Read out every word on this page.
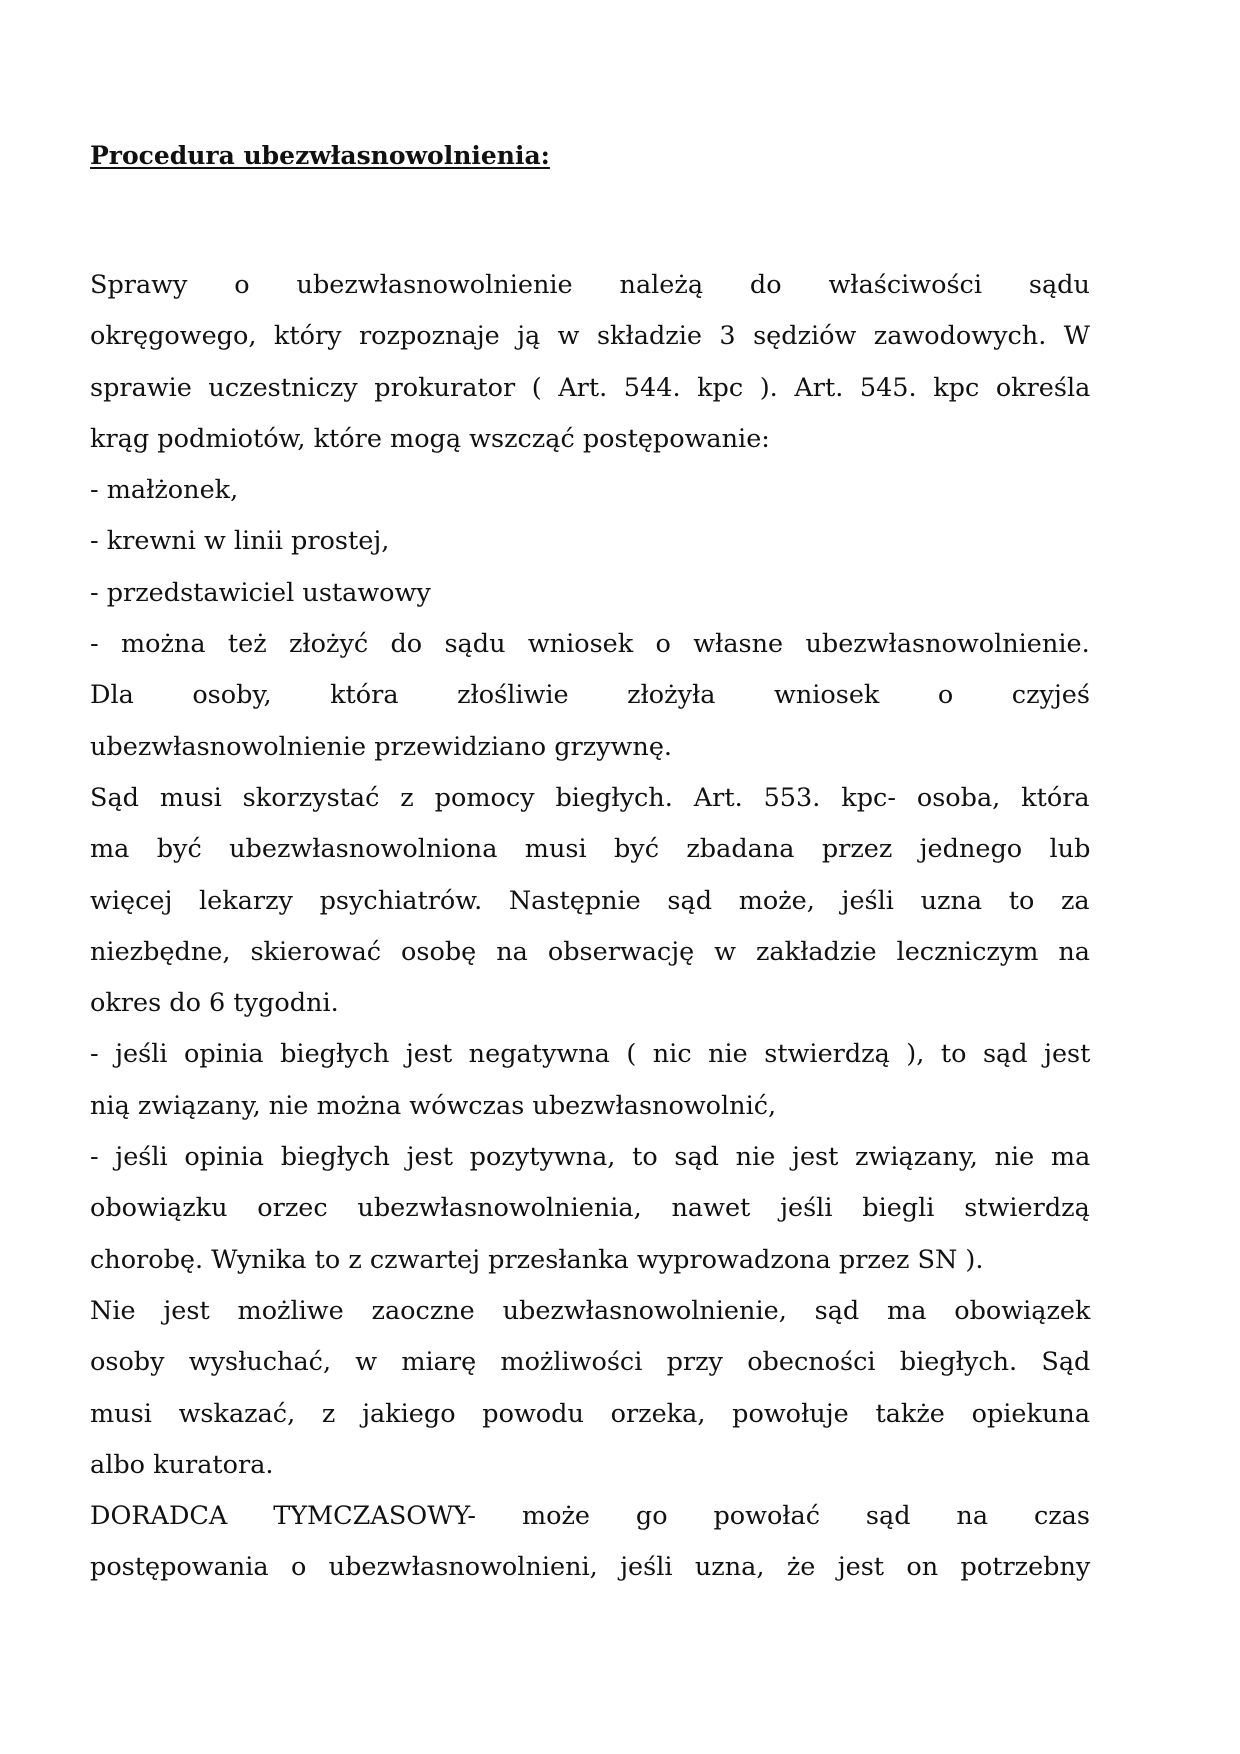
Procedura ubezwłasnowolnienia:
Sprawy o ubezwłasnowolnienie należą do właściwości sądu
okręgowego, który rozpoznaje ją w składzie 3 sędziów zawodowych. W
sprawie uczestniczy prokurator ( Art. 544. kpc ). Art. 545. kpc określa
krąg podmiotów, które mogą wszcząć postępowanie:
- małżonek,
- krewni w linii prostej,
- przedstawiciel ustawowy
- można też złożyć do sądu wniosek o własne ubezwłasnowolnienie.
Dla osoby, która złośliwie złożyła wniosek o czyjeś
ubezwłasnowolnienie przewidziano grzywnę.
Sąd musi skorzystać z pomocy biegłych. Art. 553. kpc- osoba, która
ma być ubezwłasnowolniona musi być zbadana przez jednego lub
więcej lekarzy psychiatrów. Następnie sąd może, jeśli uzna to za
niezbędne, skierować osobę na obserwację w zakładzie leczniczym na
okres do 6 tygodni.
- jeśli opinia biegłych jest negatywna ( nic nie stwierdzą ), to sąd jest
nią związany, nie można wówczas ubezwłasnowolnić,
- jeśli opinia biegłych jest pozytywna, to sąd nie jest związany, nie ma
obowiązku orzec ubezwłasnowolnienia, nawet jeśli biegli stwierdzą
chorobę. Wynika to z czwartej przesłanka wyprowadzona przez SN ).
Nie jest możliwe zaoczne ubezwłasnowolnienie, sąd ma obowiązek
osoby wysłuchać, w miarę możliwości przy obecności biegłych. Sąd
musi wskazać, z jakiego powodu orzeka, powołuje także opiekuna
albo kuratora.
DORADCA TYMCZASOWY- może go powołać sąd na czas
postępowania o ubezwłasnowolnieni, jeśli uzna, że jest on potrzebny
